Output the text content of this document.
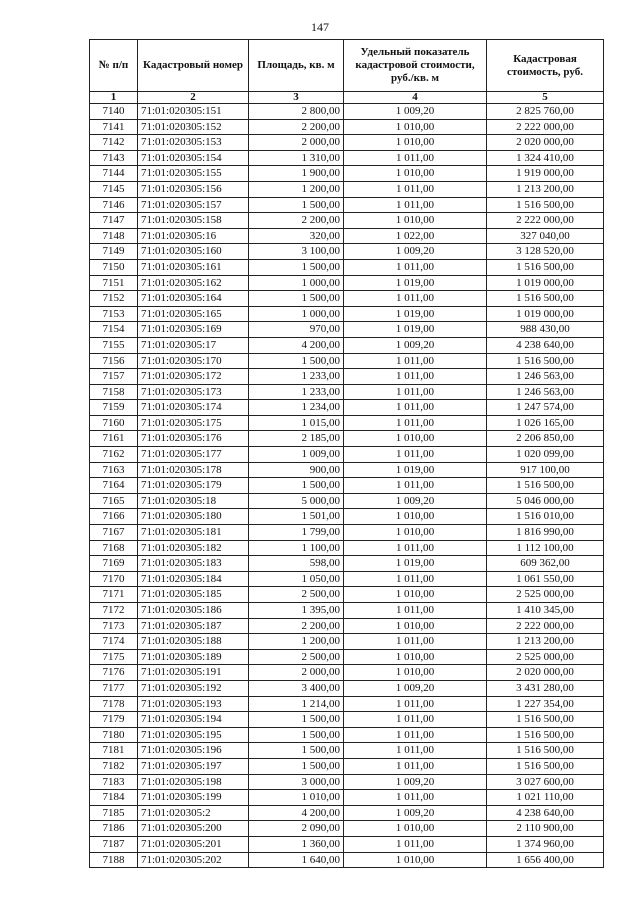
147
№ п/п	Кадастровый номер	Площадь, кв. м	Удельный показатель кадастровой стоимости, руб./кв. м	Кадастровая стоимость, руб.
1	2	3	4	5
7140	71:01:020305:151	2 800,00	1 009,20	2 825 760,00
7141	71:01:020305:152	2 200,00	1 010,00	2 222 000,00
7142	71:01:020305:153	2 000,00	1 010,00	2 020 000,00
7143	71:01:020305:154	1 310,00	1 011,00	1 324 410,00
7144	71:01:020305:155	1 900,00	1 010,00	1 919 000,00
7145	71:01:020305:156	1 200,00	1 011,00	1 213 200,00
7146	71:01:020305:157	1 500,00	1 011,00	1 516 500,00
7147	71:01:020305:158	2 200,00	1 010,00	2 222 000,00
7148	71:01:020305:16	320,00	1 022,00	327 040,00
7149	71:01:020305:160	3 100,00	1 009,20	3 128 520,00
7150	71:01:020305:161	1 500,00	1 011,00	1 516 500,00
7151	71:01:020305:162	1 000,00	1 019,00	1 019 000,00
7152	71:01:020305:164	1 500,00	1 011,00	1 516 500,00
7153	71:01:020305:165	1 000,00	1 019,00	1 019 000,00
7154	71:01:020305:169	970,00	1 019,00	988 430,00
7155	71:01:020305:17	4 200,00	1 009,20	4 238 640,00
7156	71:01:020305:170	1 500,00	1 011,00	1 516 500,00
7157	71:01:020305:172	1 233,00	1 011,00	1 246 563,00
7158	71:01:020305:173	1 233,00	1 011,00	1 246 563,00
7159	71:01:020305:174	1 234,00	1 011,00	1 247 574,00
7160	71:01:020305:175	1 015,00	1 011,00	1 026 165,00
7161	71:01:020305:176	2 185,00	1 010,00	2 206 850,00
7162	71:01:020305:177	1 009,00	1 011,00	1 020 099,00
7163	71:01:020305:178	900,00	1 019,00	917 100,00
7164	71:01:020305:179	1 500,00	1 011,00	1 516 500,00
7165	71:01:020305:18	5 000,00	1 009,20	5 046 000,00
7166	71:01:020305:180	1 501,00	1 010,00	1 516 010,00
7167	71:01:020305:181	1 799,00	1 010,00	1 816 990,00
7168	71:01:020305:182	1 100,00	1 011,00	1 112 100,00
7169	71:01:020305:183	598,00	1 019,00	609 362,00
7170	71:01:020305:184	1 050,00	1 011,00	1 061 550,00
7171	71:01:020305:185	2 500,00	1 010,00	2 525 000,00
7172	71:01:020305:186	1 395,00	1 011,00	1 410 345,00
7173	71:01:020305:187	2 200,00	1 010,00	2 222 000,00
7174	71:01:020305:188	1 200,00	1 011,00	1 213 200,00
7175	71:01:020305:189	2 500,00	1 010,00	2 525 000,00
7176	71:01:020305:191	2 000,00	1 010,00	2 020 000,00
7177	71:01:020305:192	3 400,00	1 009,20	3 431 280,00
7178	71:01:020305:193	1 214,00	1 011,00	1 227 354,00
7179	71:01:020305:194	1 500,00	1 011,00	1 516 500,00
7180	71:01:020305:195	1 500,00	1 011,00	1 516 500,00
7181	71:01:020305:196	1 500,00	1 011,00	1 516 500,00
7182	71:01:020305:197	1 500,00	1 011,00	1 516 500,00
7183	71:01:020305:198	3 000,00	1 009,20	3 027 600,00
7184	71:01:020305:199	1 010,00	1 011,00	1 021 110,00
7185	71:01:020305:2	4 200,00	1 009,20	4 238 640,00
7186	71:01:020305:200	2 090,00	1 010,00	2 110 900,00
7187	71:01:020305:201	1 360,00	1 011,00	1 374 960,00
7188	71:01:020305:202	1 640,00	1 010,00	1 656 400,00
